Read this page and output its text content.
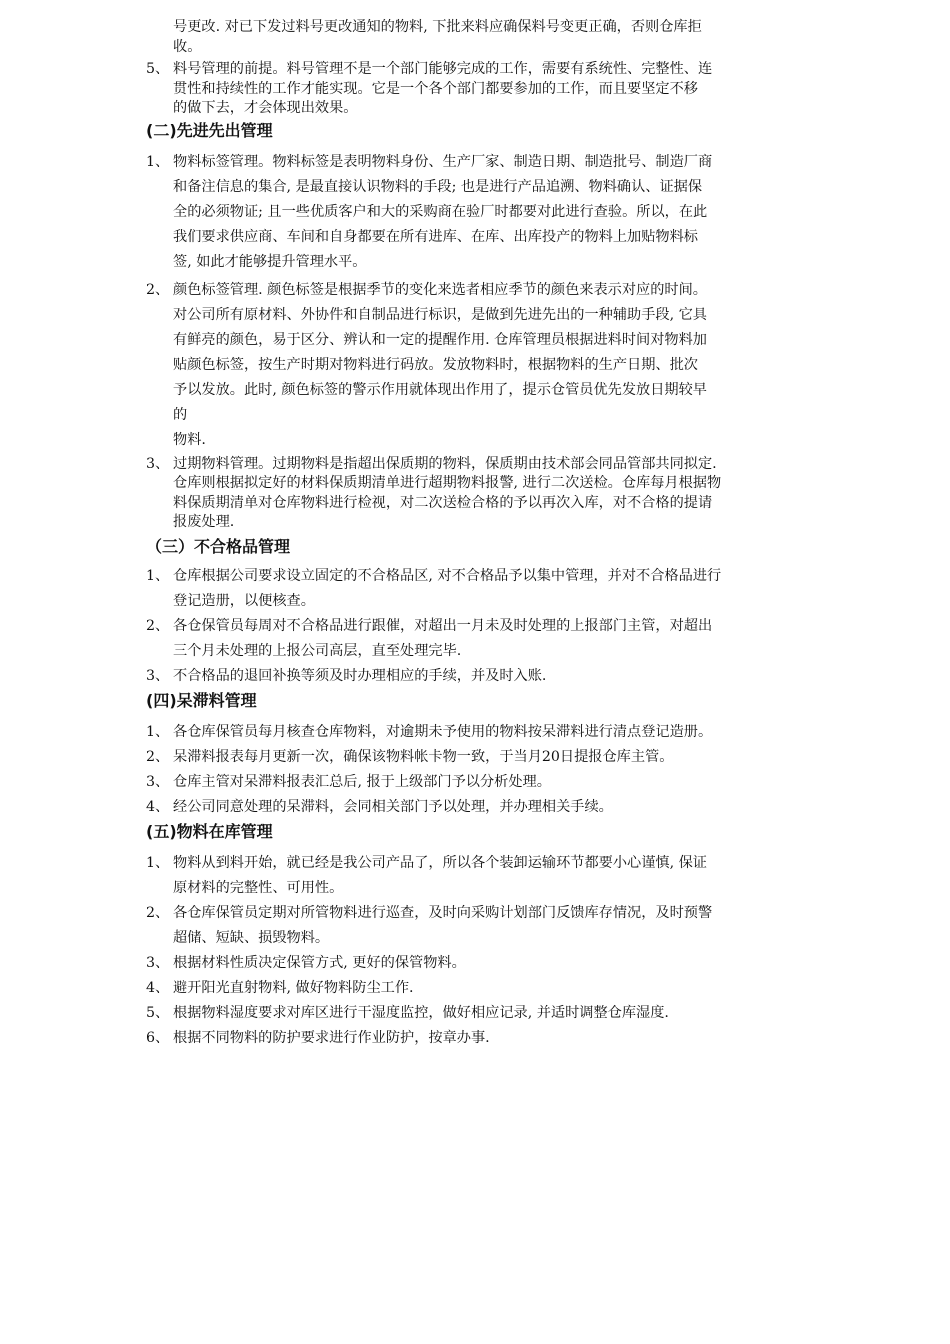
号更改. 对已下发过料号更改通知的物料, 下批来料应确保料号变更正确，否则仓库拒

收。

5、 料号管理的前提。料号管理不是一个部门能够完成的工作，需要有系统性、完整性、连

贯性和持续性的工作才能实现。它是一个各个部门都要参加的工作，而且要坚定不移

的做下去，才会体现出效果。

(二)先进先出管理
1、 物料标签管理。物料标签是表明物料身份、生产厂家、制造日期、制造批号、制造厂商

和备注信息的集合, 是最直接认识物料的手段; 也是进行产品追溯、物料确认、证据保

全的必须物证; 且一些优质客户和大的采购商在验厂时都要对此进行查验。所以，在此

我们要求供应商、车间和自身都要在所有进库、在库、出库投产的物料上加贴物料标

签, 如此才能够提升管理水平。

2、 颜色标签管理. 颜色标签是根据季节的变化来选者相应季节的颜色来表示对应的时间。

对公司所有原材料、外协件和自制品进行标识，是做到先进先出的一种辅助手段, 它具

有鲜亮的颜色，易于区分、辨认和一定的提醒作用. 仓库管理员根据进料时间对物料加

贴颜色标签，按生产时期对物料进行码放。发放物料时，根据物料的生产日期、批次

予以发放。此时, 颜色标签的警示作用就体现出作用了，提示仓管员优先发放日期较早

的

物料.

3、 过期物料管理。过期物料是指超出保质期的物料，保质期由技术部会同品管部共同拟定.

仓库则根据拟定好的材料保质期清单进行超期物料报警, 进行二次送检。仓库每月根据物

料保质期清单对仓库物料进行检视，对二次送检合格的予以再次入库，对不合格的提请

报废处理.

（三）不合格品管理
1、 仓库根据公司要求设立固定的不合格品区, 对不合格品予以集中管理，并对不合格品进行

登记造册，以便核查。

2、 各仓保管员每周对不合格品进行跟催，对超出一月未及时处理的上报部门主管，对超出

三个月未处理的上报公司高层，直至处理完毕.

3、 不合格品的退回补换等须及时办理相应的手续，并及时入账.

(四)呆滞料管理
1、 各仓库保管员每月核查仓库物料，对逾期未予使用的物料按呆滞料进行清点登记造册。

2、 呆滞料报表每月更新一次，确保该物料帐卡物一致，于当月20日提报仓库主管。

3、 仓库主管对呆滞料报表汇总后, 报于上级部门予以分析处理。

4、 经公司同意处理的呆滞料，会同相关部门予以处理，并办理相关手续。

(五)物料在库管理
1、 物料从到料开始，就已经是我公司产品了，所以各个装卸运输环节都要小心谨慎, 保证

原材料的完整性、可用性。

2、 各仓库保管员定期对所管物料进行巡查，及时向采购计划部门反馈库存情况，及时预警

超储、短缺、损毁物料。

3、 根据材料性质决定保管方式, 更好的保管物料。

4、 避开阳光直射物料, 做好物料防尘工作.

5、 根据物料湿度要求对库区进行干湿度监控，做好相应记录, 并适时调整仓库湿度.

6、 根据不同物料的防护要求进行作业防护，按章办事.
